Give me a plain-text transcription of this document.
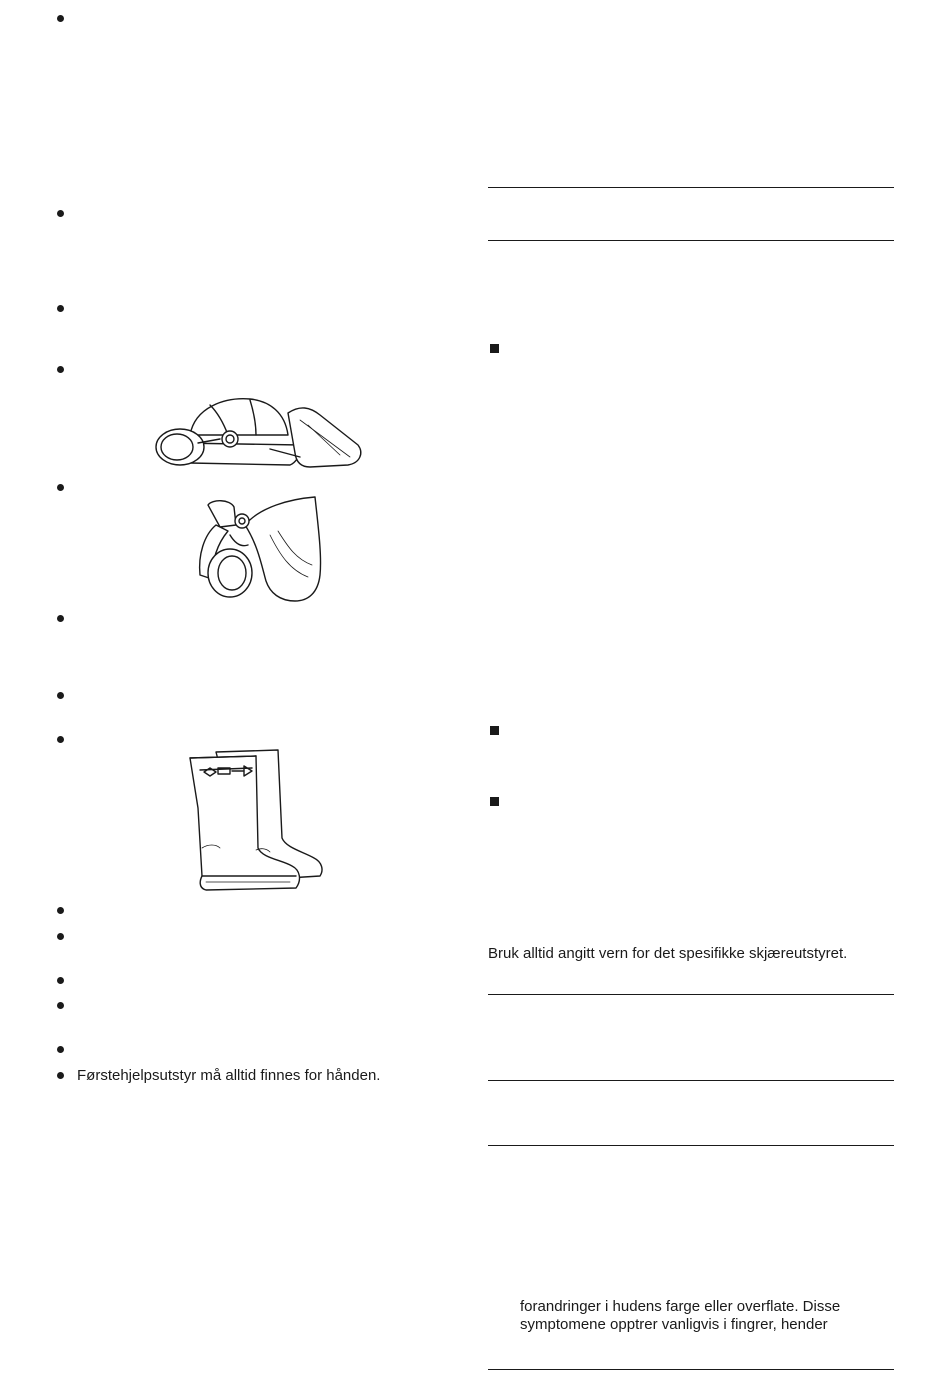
Førstehjelpsutstyr må alltid finnes for hånden.
Bruk alltid angitt vern for det spesifikke skjæreutstyret.
forandringer i hudens farge eller overflate. Disse
symptomene opptrer vanligvis i fingrer, hender
